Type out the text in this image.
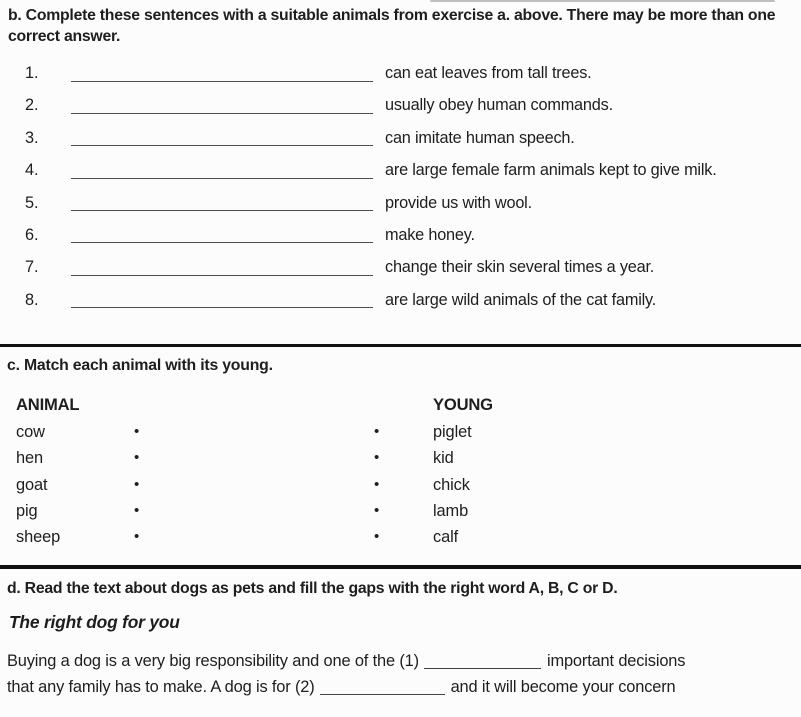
b. Complete these sentences with a suitable animals from exercise a. above. There may be more than one correct answer.
1.	can eat leaves from tall trees.
2.	usually obey human commands.
3.	can imitate human speech.
4.	are large female farm animals kept to give milk.
5.	provide us with wool.
6.	make honey.
7.	change their skin several times a year.
8.	are large wild animals of the cat family.
c. Match each animal with its young.
ANIMAL	YOUNG
cow	•	•	piglet
hen	•	•	kid
goat	•	•	chick
pig	•	•	lamb
sheep	•	•	calf
d. Read the text about dogs as pets and fill the gaps with the right word A, B, C or D.
The right dog for you
Buying a dog is a very big responsibility and one of the (1)	important decisions
that any family has to make. A dog is for (2)	and it will become your concern
